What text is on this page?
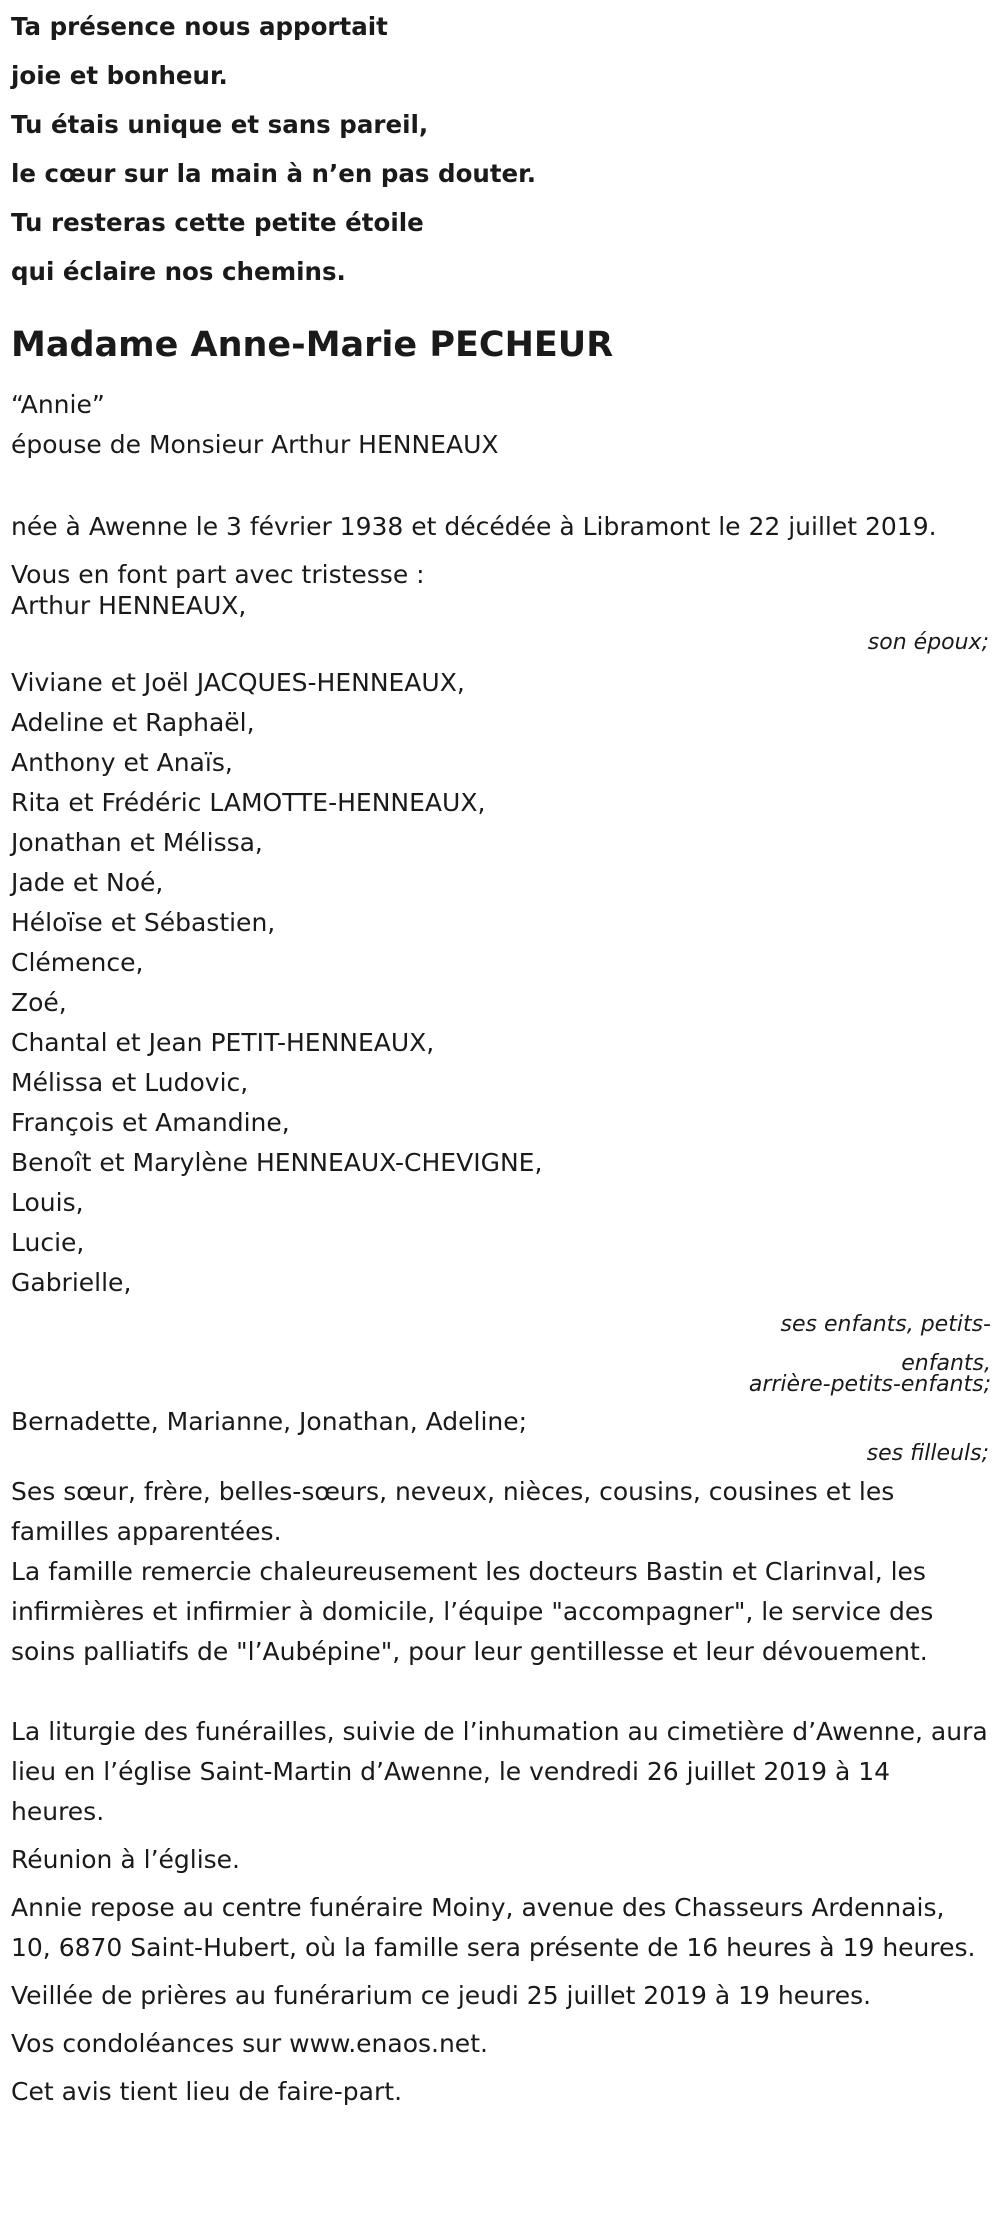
Ta présence nous apportait
joie et bonheur.
Tu étais unique et sans pareil,
le cœur sur la main à n’en pas douter.
Tu resteras cette petite étoile
qui éclaire nos chemins.
Madame Anne-Marie PECHEUR
“Annie”
épouse de Monsieur Arthur HENNEAUX
née à Awenne le 3 février 1938 et décédée à Libramont le 22 juillet 2019.
Vous en font part avec tristesse :
Arthur HENNEAUX,
son époux;
Viviane et Joël JACQUES-HENNEAUX,
Adeline et Raphaël,
Anthony et Anaïs,
Rita et Frédéric LAMOTTE-HENNEAUX,
Jonathan et Mélissa,
Jade et Noé,
Héloïse et Sébastien,
Clémence,
Zoé,
Chantal et Jean PETIT-HENNEAUX,
Mélissa et Ludovic,
François et Amandine,
Benoît et Marylène HENNEAUX-CHEVIGNE,
Louis,
Lucie,
Gabrielle,
ses enfants, petits-enfants,
arrière-petits-enfants;
Bernadette, Marianne, Jonathan, Adeline;
ses filleuls;
Ses sœur, frère, belles-sœurs, neveux, nièces, cousins, cousines et les familles apparentées.
La famille remercie chaleureusement les docteurs Bastin et Clarinval, les infirmières et infirmier à domicile, l’équipe "accompagner", le service des soins palliatifs de "l’Aubépine", pour leur gentillesse et leur dévouement.
La liturgie des funérailles, suivie de l’inhumation au cimetière d’Awenne, aura lieu en l’église Saint-Martin d’Awenne, le vendredi 26 juillet 2019 à 14 heures.
Réunion à l’église.
Annie repose au centre funéraire Moiny, avenue des Chasseurs Ardennais, 10, 6870 Saint-Hubert, où la famille sera présente de 16 heures à 19 heures.
Veillée de prières au funérarium ce jeudi 25 juillet 2019 à 19 heures.
Vos condoléances sur www.enaos.net.
Cet avis tient lieu de faire-part.
